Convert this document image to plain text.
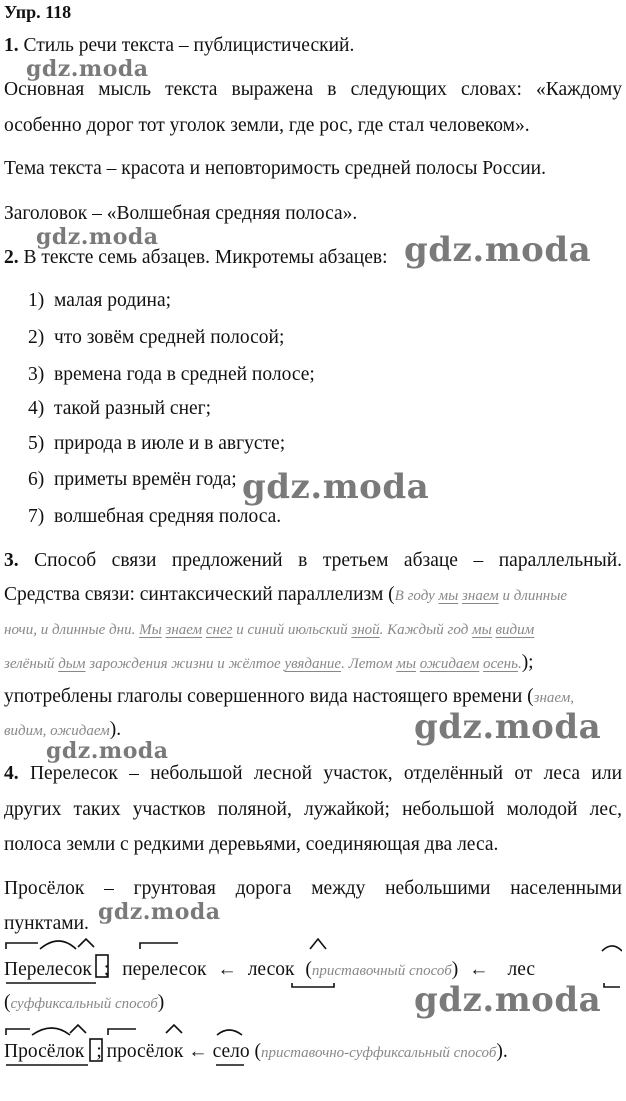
Упр. 118
1. Стиль речи текста – публицистический.
Основная мысль текста выражена в следующих словах: «Каждому
особенно дорог тот уголок земли, где рос, где стал человеком».
Тема текста – красота и неповторимость средней полосы России.
Заголовок – «Волшебная средняя полоса».
2. В тексте семь абзацев. Микротемы абзацев:
1) малая родина;
2) что зовём средней полосой;
3) времена года в средней полосе;
4) такой разный снег;
5) природа в июле и в августе;
6) приметы времён года;
7) волшебная средняя полоса.
3. Способ связи предложений в третьем абзаце – параллельный.
Средства связи: синтаксический параллелизм (В году мы знаем и длинные
ночи, и длинные дни. Мы знаем снег и синий июльский зной. Каждый год мы видим
зелёный дым зарождения жизни и жёлтое увядание. Летом мы ожидаем осень.);
употреблены глаголы совершенного вида настоящего времени (знаем,
видим, ожидаем).
4. Перелесок – небольшой лесной участок, отделённый от леса или
других таких участков поляной, лужайкой; небольшой молодой лес,
полоса земли с редкими деревьями, соединяющая два леса.
Просёлок – грунтовая дорога между небольшими населенными
пунктами.
Перелесок ; перелесок ← лесок (приставочный способ) ← лес
(суффиксальный способ)
Просёлок ; просёлок ← село (приставочно-суффиксальный способ).
gdz.moda
gdz.moda	gdz.moda
gdz.moda
gdz.moda
gdz.moda
gdz.moda
gdz.moda
